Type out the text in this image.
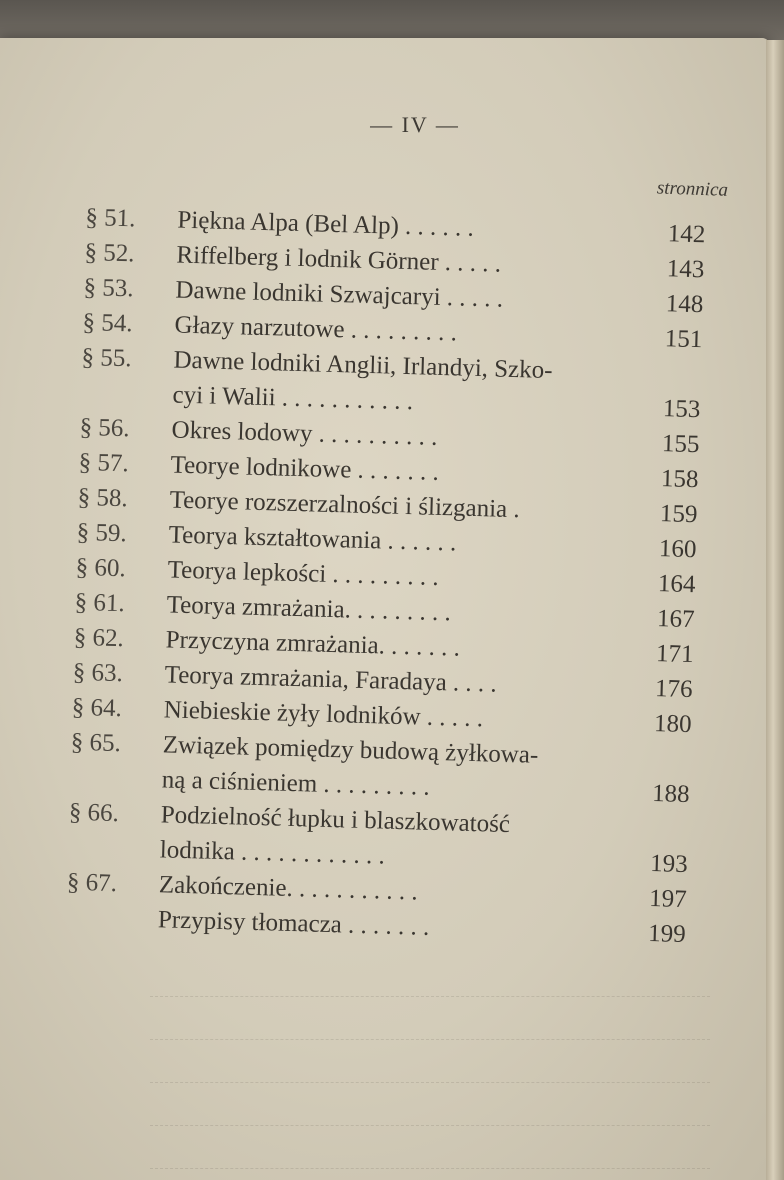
— IV —
stronnica
§ 51.	Piękna Alpa (Bel Alp) . . . . . .	142
§ 52.	Riffelberg i lodnik Görner . . . . .	143
§ 53.	Dawne lodniki Szwajcaryi . . . . .	148
§ 54.	Głazy narzutowe . . . . . . . . .	151
§ 55.	Dawne lodniki Anglii, Irlandyi, Szko-
cyi i Walii . . . . . . . . . . .	153
§ 56.	Okres lodowy . . . . . . . . . .	155
§ 57.	Teorye lodnikowe . . . . . . .	158
§ 58.	Teorye rozszerzalności i ślizgania .	159
§ 59.	Teorya kształtowania . . . . . .	160
§ 60.	Teorya lepkości . . . . . . . . .	164
§ 61.	Teorya zmrażania. . . . . . . . .	167
§ 62.	Przyczyna zmrażania. . . . . . .	171
§ 63.	Teorya zmrażania, Faradaya . . . .	176
§ 64.	Niebieskie żyły lodników . . . . .	180
§ 65.	Związek pomiędzy budową żyłkowa-
ną a ciśnieniem . . . . . . . . .	188
§ 66.	Podzielność łupku i blaszkowatość
lodnika . . . . . . . . . . . .	193
§ 67.	Zakończenie. . . . . . . . . . .	197
Przypisy tłomacza . . . . . . .	199
